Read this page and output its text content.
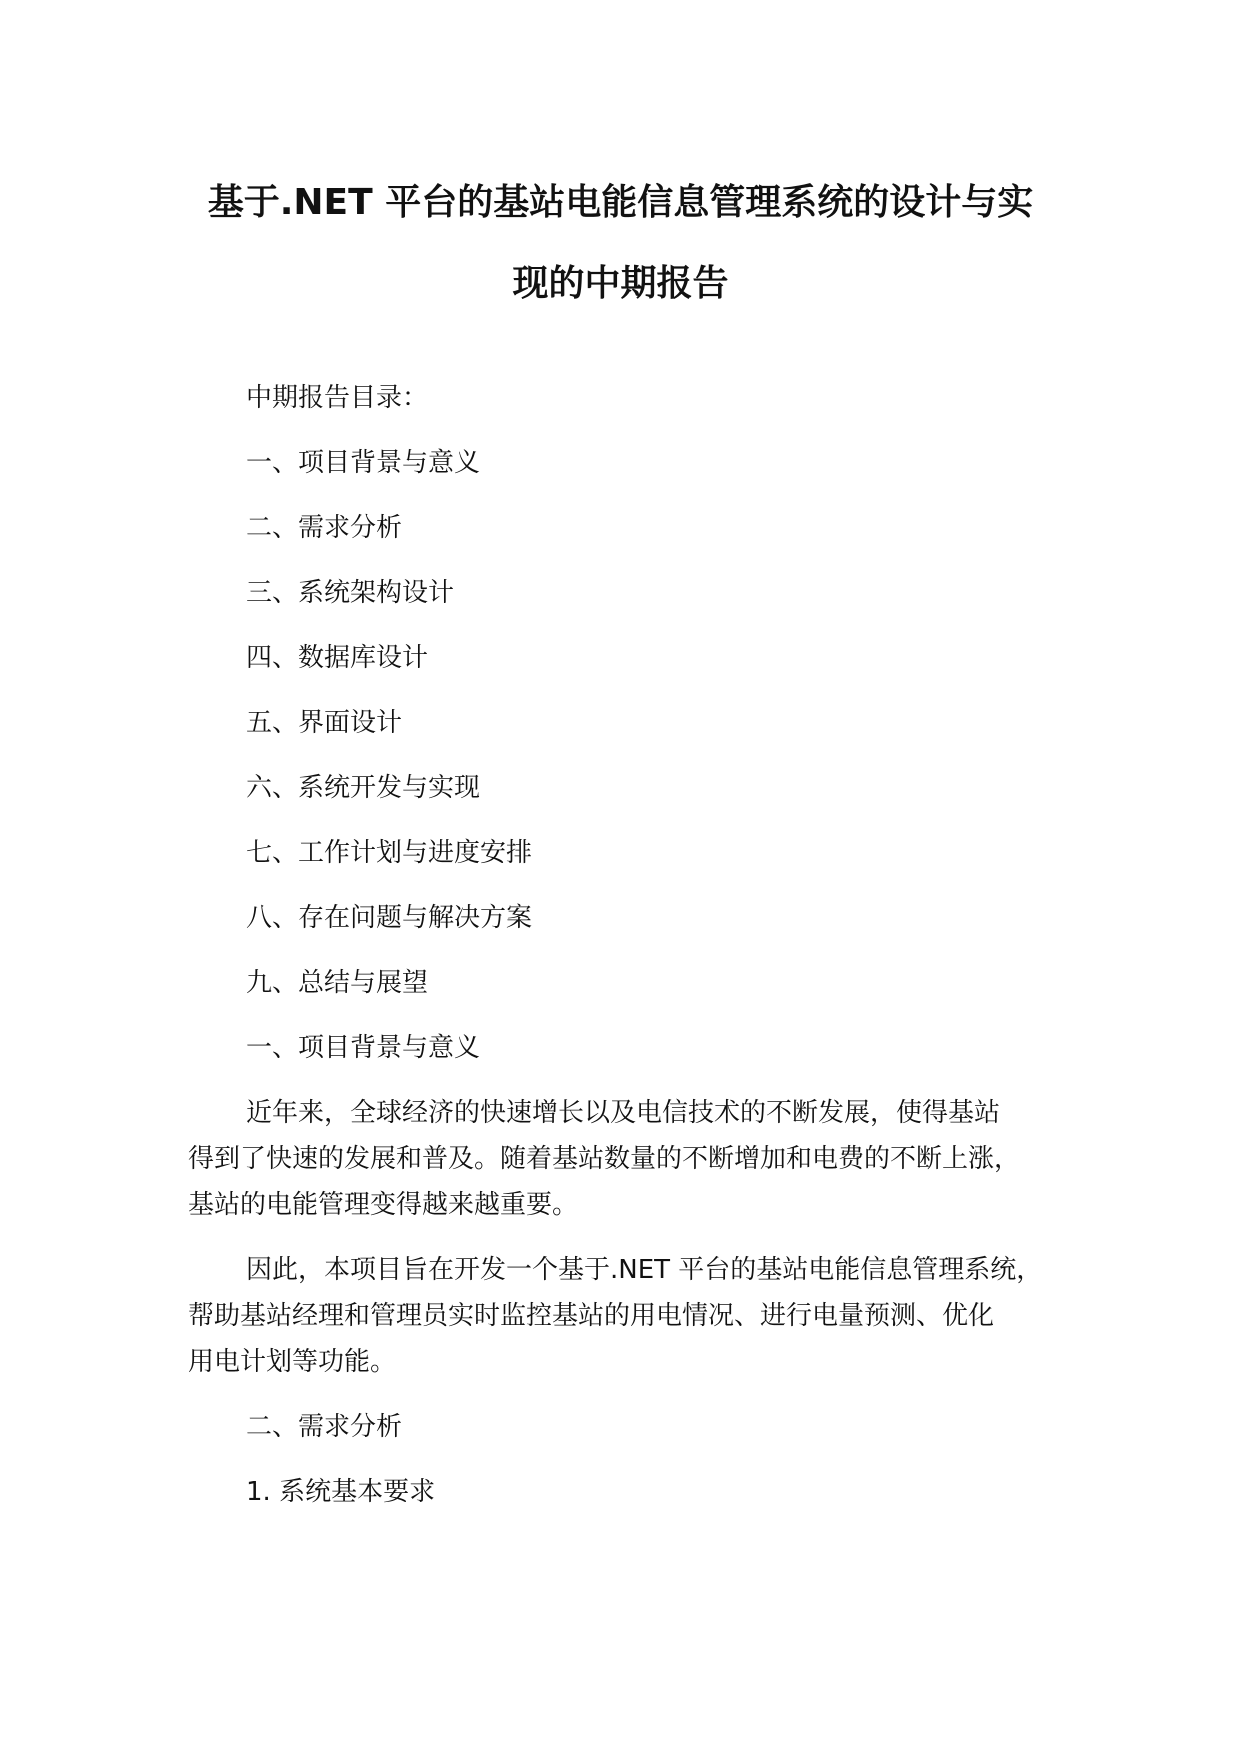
基于.NET 平台的基站电能信息管理系统的设计与实
现的中期报告
中期报告目录：
一、项目背景与意义
二、需求分析
三、系统架构设计
四、数据库设计
五、界面设计
六、系统开发与实现
七、工作计划与进度安排
八、存在问题与解决方案
九、总结与展望
一、项目背景与意义
近年来，全球经济的快速增长以及电信技术的不断发展，使得基站
得到了快速的发展和普及。随着基站数量的不断增加和电费的不断上涨，
基站的电能管理变得越来越重要。
因此，本项目旨在开发一个基于.NET 平台的基站电能信息管理系统，
帮助基站经理和管理员实时监控基站的用电情况、进行电量预测、优化
用电计划等功能。
二、需求分析
1. 系统基本要求
